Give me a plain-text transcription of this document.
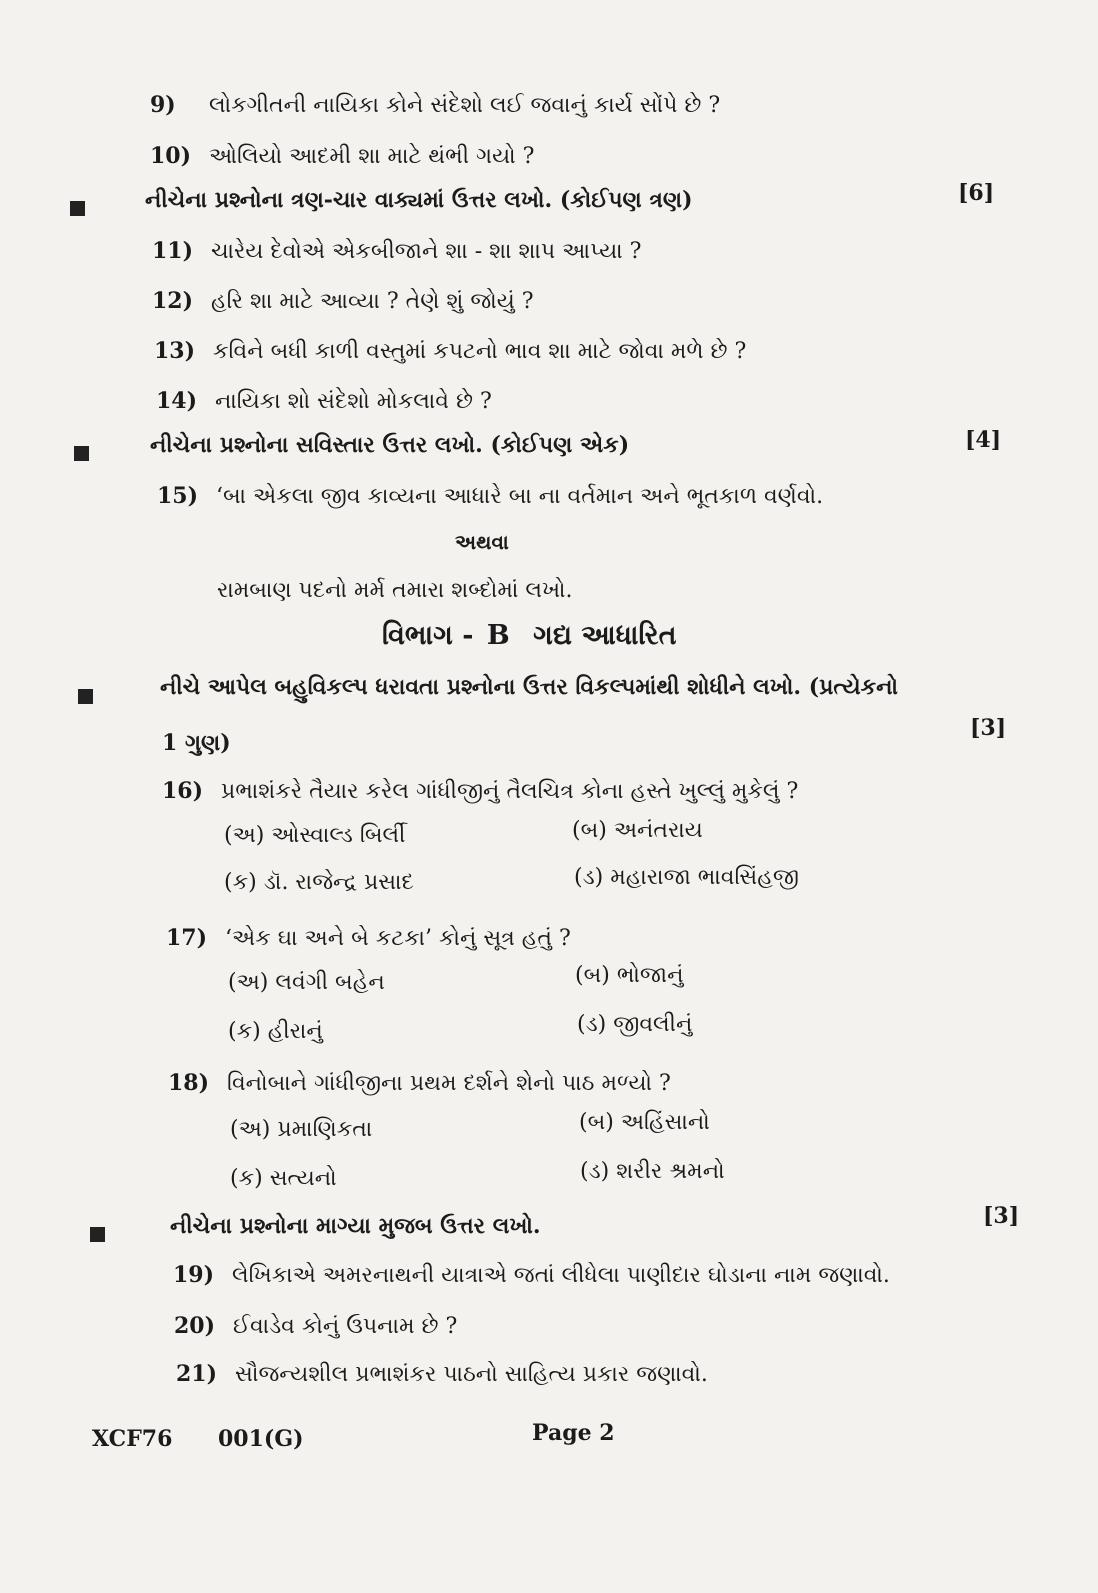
9) લોકગીતની નાયિકા કોને સંદેશો લઈ જવાનું કાર્ય સોંપે છે ?
10) ઓલિયો આદમી શા માટે થંભી ગયો ?
નીચેના પ્રશ્નોના ત્રણ-ચાર વાક્યમાં ઉત્તર લખો. (કોઈપણ ત્રણ)	[6]
11) ચારેય દેવોએ એકબીજાને શા - શા શાપ આપ્યા ?
12) હરિ શા માટે આવ્યા ? તેણે શું જોયું ?
13) કવિને બધી કાળી વસ્તુમાં કપટનો ભાવ શા માટે જોવા મળે છે ?
14) નાયિકા શો સંદેશો મોકલાવે છે ?
નીચેના પ્રશ્નોના સવિસ્તાર ઉત્તર લખો. (કોઈપણ એક)	[4]
15) ‘બા એકલા જીવ કાવ્યના આધારે બા ના વર્તમાન અને ભૂતકાળ વર્ણવો.
અથવા
રામબાણ પદનો મર્મ તમારા શબ્દોમાં લખો.
વિભાગ - B ગદ્ય આધારિત
નીચે આપેલ બહુવિકલ્પ ધરાવતા પ્રશ્નોના ઉત્તર વિકલ્પમાંથી શોધીને લખો. (પ્રત્યેકનો
1 ગુણ)
[3]
16) પ્રભાશંકરે તૈયાર કરેલ ગાંધીજીનું તૈલચિત્ર કોના હસ્તે ખુલ્લું મુકેલું ?
(અ) ઓસ્વાલ્ડ બિર્લી	(બ) અનંતરાય
(ક) ડૉ. રાજેન્દ્ર પ્રસાદ	(ડ) મહારાજા ભાવસિંહજી
17) ‘એક ઘા અને બે કટકા’ કોનું સૂત્ર હતું ?
(અ) લવંગી બહેન	(બ) ભોજાનું
(ક) હીરાનું	(ડ) જીવલીનું
18) વિનોબાને ગાંધીજીના પ્રથમ દર્શને શેનો પાઠ મળ્યો ?
(અ) પ્રમાણિકતા	(બ) અહિંસાનો
(ક) સત્યનો	(ડ) શરીર શ્રમનો
નીચેના પ્રશ્નોના માગ્યા મુજબ ઉત્તર લખો.	[3]
19) લેખિકાએ અમરનાથની યાત્રાએ જતાં લીધેલા પાણીદાર ઘોડાના નામ જણાવો.
20) ઈવાડેવ કોનું ઉપનામ છે ?
21) સૌજન્યશીલ પ્રભાશંકર પાઠનો સાહિત્ય પ્રકાર જણાવો.
XCF76 001(G)	Page 2
